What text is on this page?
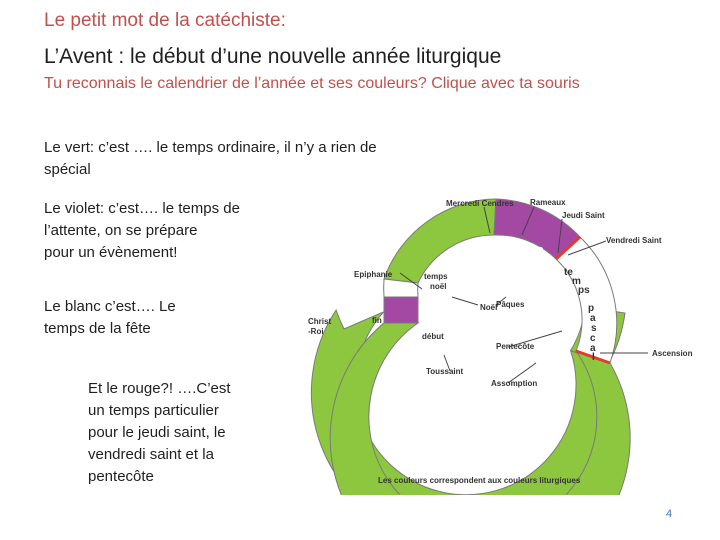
Le petit mot de la catéchiste:
L’Avent : le début d’une nouvelle année liturgique
Tu reconnais le calendrier de l’année et ses couleurs? Clique avec ta souris
Le vert: c’est …. le temps ordinaire, il n’y a rien de
spécial
Le violet: c’est…. le temps de
l’attente, on se prépare
pour un évènement!
Le blanc c’est…. Le
temps de la fête
Et le rouge?! ….C’est
un temps particulier
pour le jeudi saint, le
vendredi saint et la
pentecôte
Mercredi Cendres Rameaux
Jeudi Saint
Vendredi Saint
temps
ordinaire
carême
Epiphanie	temps
noël
Noël
Pâques
te
m
ps
p
a
s
c
a
l
Christ
-Roi
fin
avent
début
Pentecôte
Ascension
Toussaint
Assomption
temps ordinaire
Les couleurs correspondent aux couleurs liturgiques
4
